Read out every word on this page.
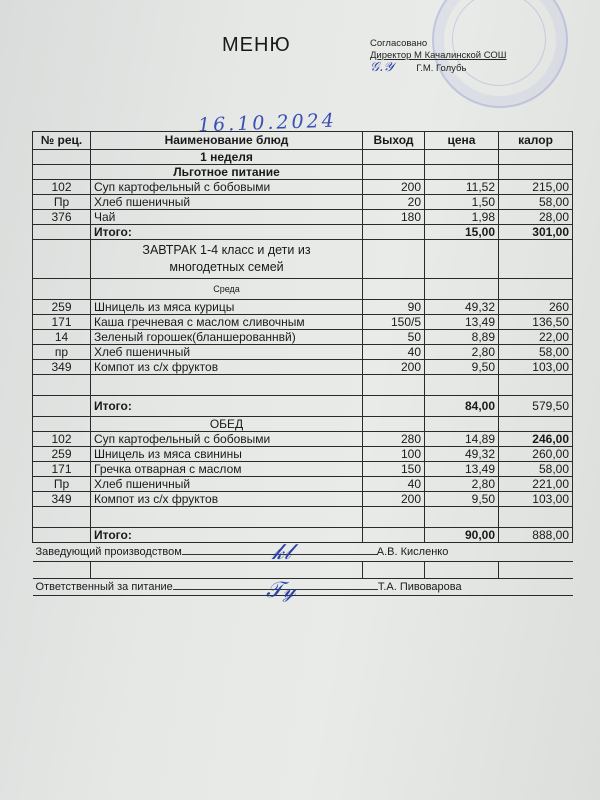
МЕНЮ	Согласовано
Директор М Качалинской СОШ
𝒢.𝒴 Г.М. Голубь
16.10.2024
№ рец.	Наименование блюд	Выход	цена	калор
	1 неделя			
	Льготное питание			
102	Суп картофельный с бобовыми	200	11,52	215,00
Пр	Хлеб пшеничный	20	1,50	58,00
376	Чай	180	1,98	28,00
	Итого:		15,00	301,00
	ЗАВТРАК 1-4 класс и дети из
многодетных семей			
	Среда			
259	Шницель из мяса курицы	90	49,32	260
171	Каша гречневая с маслом сливочным	150/5	13,49	136,50
14	Зеленый горошек(бланшерованнвй)	50	8,89	22,00
пр	Хлеб пшеничный	40	2,80	58,00
349	Компот из с/х фруктов	200	9,50	103,00

	Итого:		84,00	579,50
	ОБЕД			
102	Суп картофельный с бобовыми	280	14,89	246,00
259	Шницель из мяса свинины	100	49,32	260,00
171	Гречка отварная с маслом	150	13,49	58,00
Пр	Хлеб пшеничный	40	2,80	221,00
349	Компот из с/х фруктов	200	9,50	103,00

	Итого:		90,00	888,00
Заведующий производством А.В. Кисленко				

Ответственный за питание Т.А. Пивоварова				

𝓀𝓁
𝒯𝓎
